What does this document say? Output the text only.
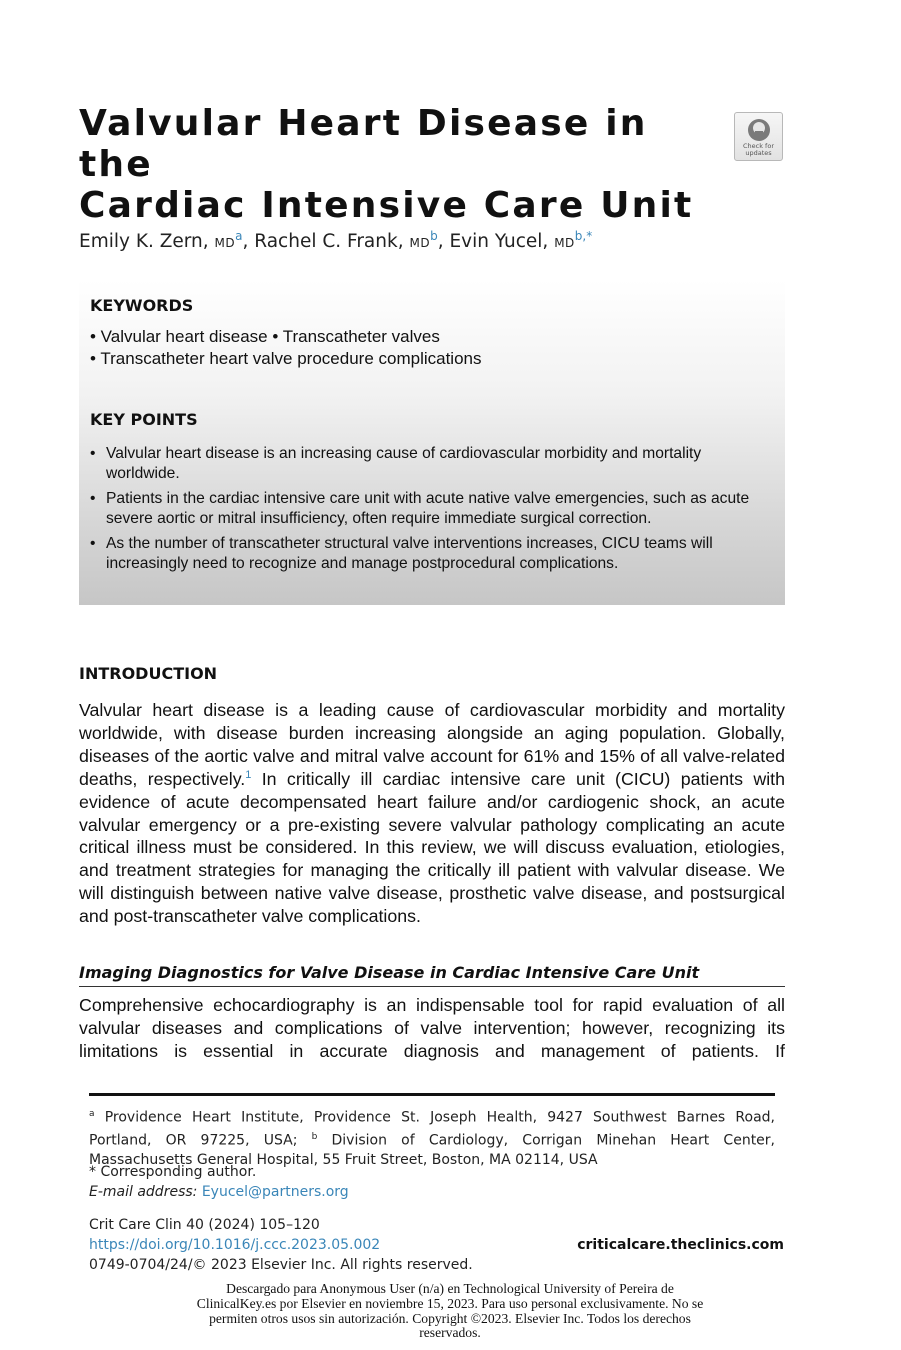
Valvular Heart Disease in the
Cardiac Intensive Care Unit
Check for
updates
Emily K. Zern, $MD^a$, Rachel C. Frank, $MD^b$, Evin Yucel, $MD^{b,*}$
KEYWORDS
• Valvular heart disease • Transcatheter valves
• Transcatheter heart valve procedure complications
KEY POINTS
• Valvular heart disease is an increasing cause of cardiovascular morbidity and mortality worldwide.
• Patients in the cardiac intensive care unit with acute native valve emergencies, such as acute severe aortic or mitral insufficiency, often require immediate surgical correction.
• As the number of transcatheter structural valve interventions increases, CICU teams will increasingly need to recognize and manage postprocedural complications.
INTRODUCTION

Valvular heart disease is a leading cause of cardiovascular morbidity and mortality worldwide, with disease burden increasing alongside an aging population. Globally, diseases of the aortic valve and mitral valve account for 61% and 15% of all valve-related deaths, respectively.$^1$ In critically ill cardiac intensive care unit (CICU) patients with evidence of acute decompensated heart failure and/or cardiogenic shock, an acute valvular emergency or a pre-existing severe valvular pathology complicating an acute critical illness must be considered. In this review, we will discuss evaluation, etiologies, and treatment strategies for managing the critically ill patient with valvular disease. We will distinguish between native valve disease, prosthetic valve disease, and postsurgical and post-transcatheter valve complications.

Imaging Diagnostics for Valve Disease in Cardiac Intensive Care Unit

Comprehensive echocardiography is an indispensable tool for rapid evaluation of all valvular diseases and complications of valve intervention; however, recognizing its limitations is essential in accurate diagnosis and management of patients. If

$^a$ Providence Heart Institute, Providence St. Joseph Health, 9427 Southwest Barnes Road, Portland, OR 97225, USA; $^b$ Division of Cardiology, Corrigan Minehan Heart Center, Massachusetts General Hospital, 55 Fruit Street, Boston, MA 02114, USA

* Corresponding author.
E-mail address: Eyucel@partners.org
Crit Care Clin 40 (2024) 105–120
https://doi.org/10.1016/j.ccc.2023.05.002
0749-0704/24/© 2023 Elsevier Inc. All rights reserved.
criticalcare.theclinics.com

Descargado para Anonymous User (n/a) en Technological University of Pereira de
ClinicalKey.es por Elsevier en noviembre 15, 2023. Para uso personal exclusivamente. No se
permiten otros usos sin autorización. Copyright ©2023. Elsevier Inc. Todos los derechos
reservados.
